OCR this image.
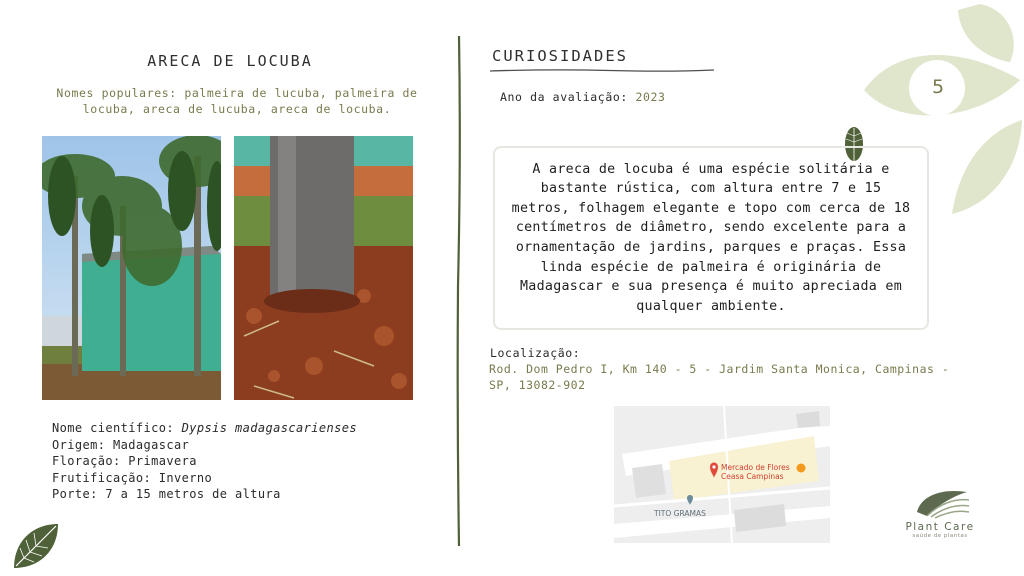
ARECA DE LOCUBA
Nomes populares: palmeira de lucuba, palmeira de locuba, areca de lucuba, areca de locuba.
Nome científico: Dypsis madagascarienses
Origem: Madagascar
Floração: Primavera
Frutificação: Inverno
Porte: 7 a 15 metros de altura
CURIOSIDADES
Ano da avaliação: 2023

A areca de locuba é uma espécie solitária e bastante rústica, com altura entre 7 e 15 metros, folhagem elegante e topo com cerca de 18 centímetros de diâmetro, sendo excelente para a ornamentação de jardins, parques e praças. Essa linda espécie de palmeira é originária de Madagascar e sua presença é muito apreciada em qualquer ambiente.

Localização:
Rod. Dom Pedro I, Km 140 - 5 - Jardim Santa Monica, Campinas - SP, 13082-902
Mercado de Flores
Ceasa Campinas
TITO GRAMAS
5
Plant Care
saúde de plantas
